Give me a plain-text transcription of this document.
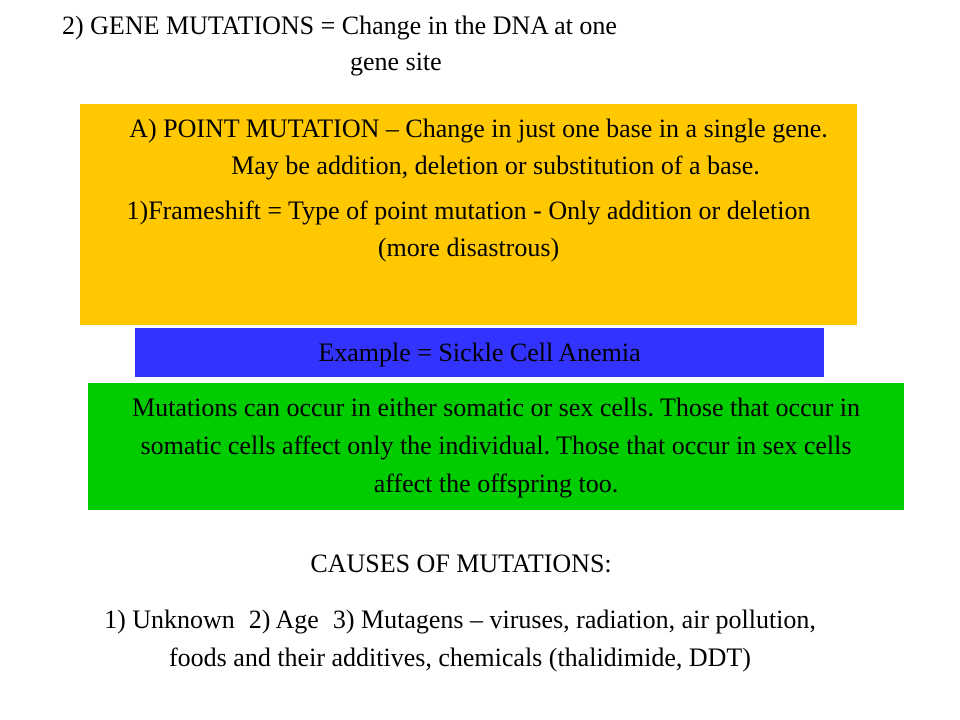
2) GENE MUTATIONS = Change in the DNA at one
gene site

A) POINT MUTATION – Change in just one base in a single gene. May be addition, deletion or substitution of a base.

1)Frameshift = Type of point mutation - Only addition or deletion (more disastrous)

Example = Sickle Cell Anemia
Mutations can occur in either somatic or sex cells. Those that occur in somatic cells affect only the individual. Those that occur in sex cells affect the offspring too.
CAUSES OF MUTATIONS:
1) Unknown 2) Age 3) Mutagens – viruses, radiation, air pollution, foods and their additives, chemicals (thalidimide, DDT)
